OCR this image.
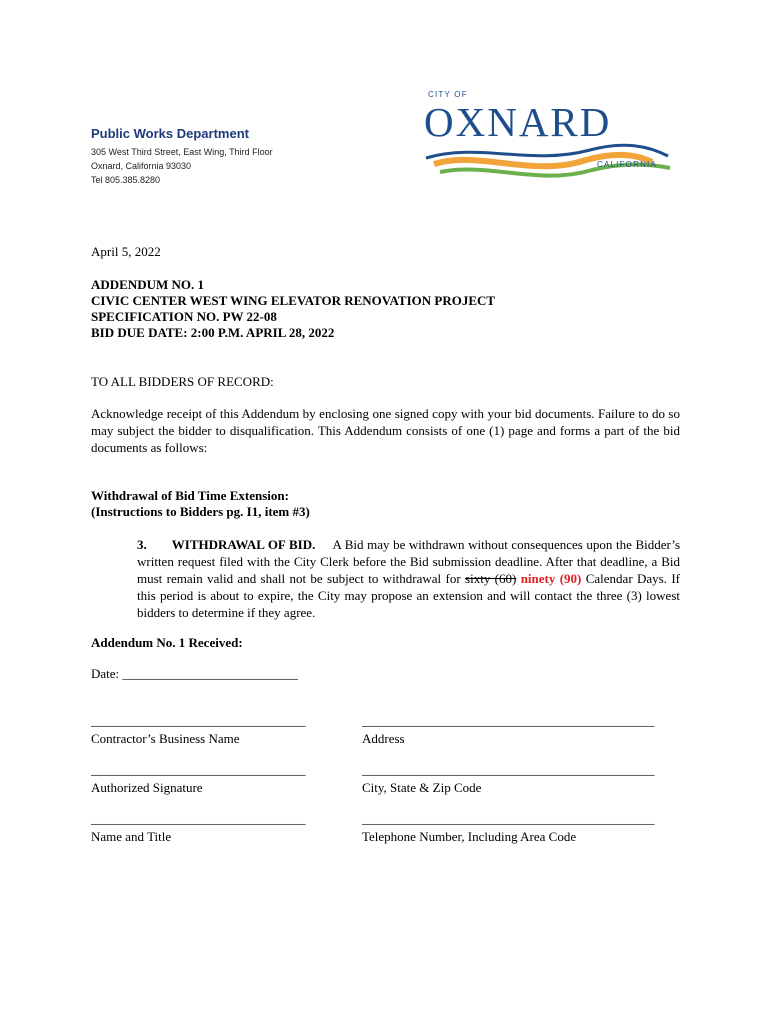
Public Works Department
305 West Third Street, East Wing, Third Floor
Oxnard, California 93030
Tel 805.385.8280
CITY OF
OXNARD
CALIFORNIA
April 5, 2022
ADDENDUM NO. 1
CIVIC CENTER WEST WING ELEVATOR RENOVATION PROJECT
SPECIFICATION NO. PW 22-08
BID DUE DATE: 2:00 P.M. APRIL 28, 2022
TO ALL BIDDERS OF RECORD:
Acknowledge receipt of this Addendum by enclosing one signed copy with your bid documents. Failure to do so may subject the bidder to disqualification. This Addendum consists of one (1) page and forms a part of the bid documents as follows:
Withdrawal of Bid Time Extension:
(Instructions to Bidders pg. I1, item #3)
3. WITHDRAWAL OF BID. A Bid may be withdrawn without consequences upon the Bidder’s written request filed with the City Clerk before the Bid submission deadline. After that deadline, a Bid must remain valid and shall not be subject to withdrawal for sixty (60) ninety (90) Calendar Days. If this period is about to expire, the City may propose an extension and will contact the three (3) lowest bidders to determine if they agree.
Addendum No. 1 Received:
Date: ___________________________
_________________________________	_____________________________________________
Contractor’s Business Name	Address
_________________________________	_____________________________________________
Authorized Signature	City, State & Zip Code
_________________________________	_____________________________________________
Name and Title	Telephone Number, Including Area Code
